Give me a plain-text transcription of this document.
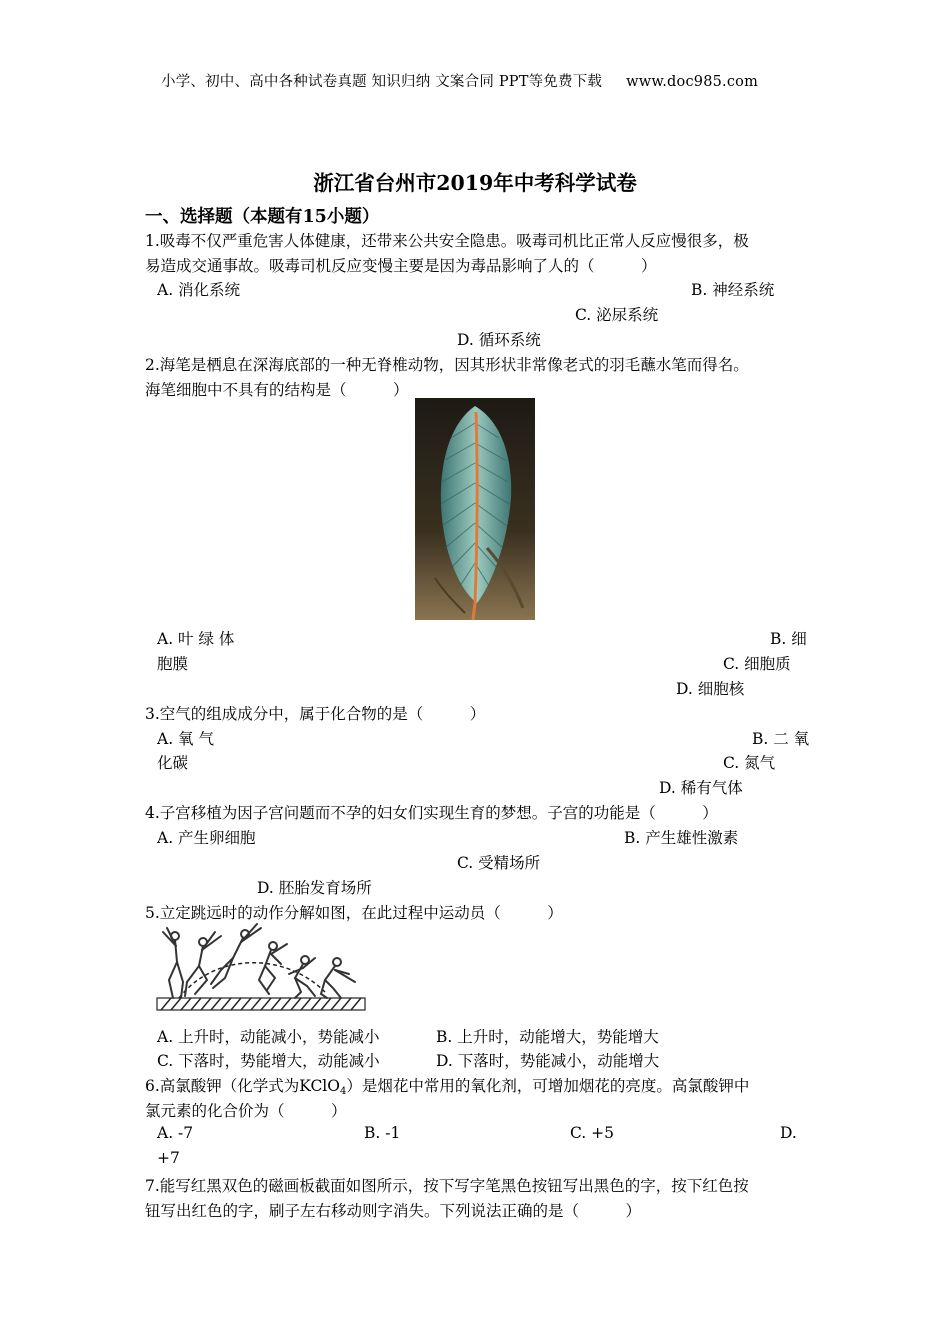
小学、初中、高中各种试卷真题 知识归纳 文案合同 PPT等免费下载 www.doc985.com
浙江省台州市2019年中考科学试卷
一、选择题（本题有15小题）
1.吸毒不仅严重危害人体健康，还带来公共安全隐患。吸毒司机比正常人反应慢很多，极
易造成交通事故。吸毒司机反应变慢主要是因为毒品影响了人的（　　　）
A. 消化系统	B. 神经系统
C. 泌尿系统
D. 循环系统
2.海笔是栖息在深海底部的一种无脊椎动物，因其形状非常像老式的羽毛蘸水笔而得名。
海笔细胞中不具有的结构是（　　　）
A. 叶 绿 体	B. 细
胞膜	C. 细胞质
D. 细胞核
3.空气的组成成分中，属于化合物的是（　　　）
A. 氧 气	B. 二 氧
化碳	C. 氮气
D. 稀有气体
4.子宫移植为因子宫问题而不孕的妇女们实现生育的梦想。子宫的功能是（　　　）
A. 产生卵细胞	B. 产生雄性激素
C. 受精场所
D. 胚胎发育场所
5.立定跳远时的动作分解如图，在此过程中运动员（　　　）
A. 上升时，动能减小，势能减小	B. 上升时，动能增大，势能增大
C. 下落时，势能增大，动能减小	D. 下落时，势能减小，动能增大
6.高氯酸钾（化学式为KClO$_4$）是烟花中常用的氧化剂，可增加烟花的亮度。高氯酸钾中
氯元素的化合价为（　　　）
A. -7	B. -1	C. +5	D.
+7
7.能写红黑双色的磁画板截面如图所示，按下写字笔黑色按钮写出黑色的字，按下红色按
钮写出红色的字，刷子左右移动则字消失。下列说法正确的是（　　　）
